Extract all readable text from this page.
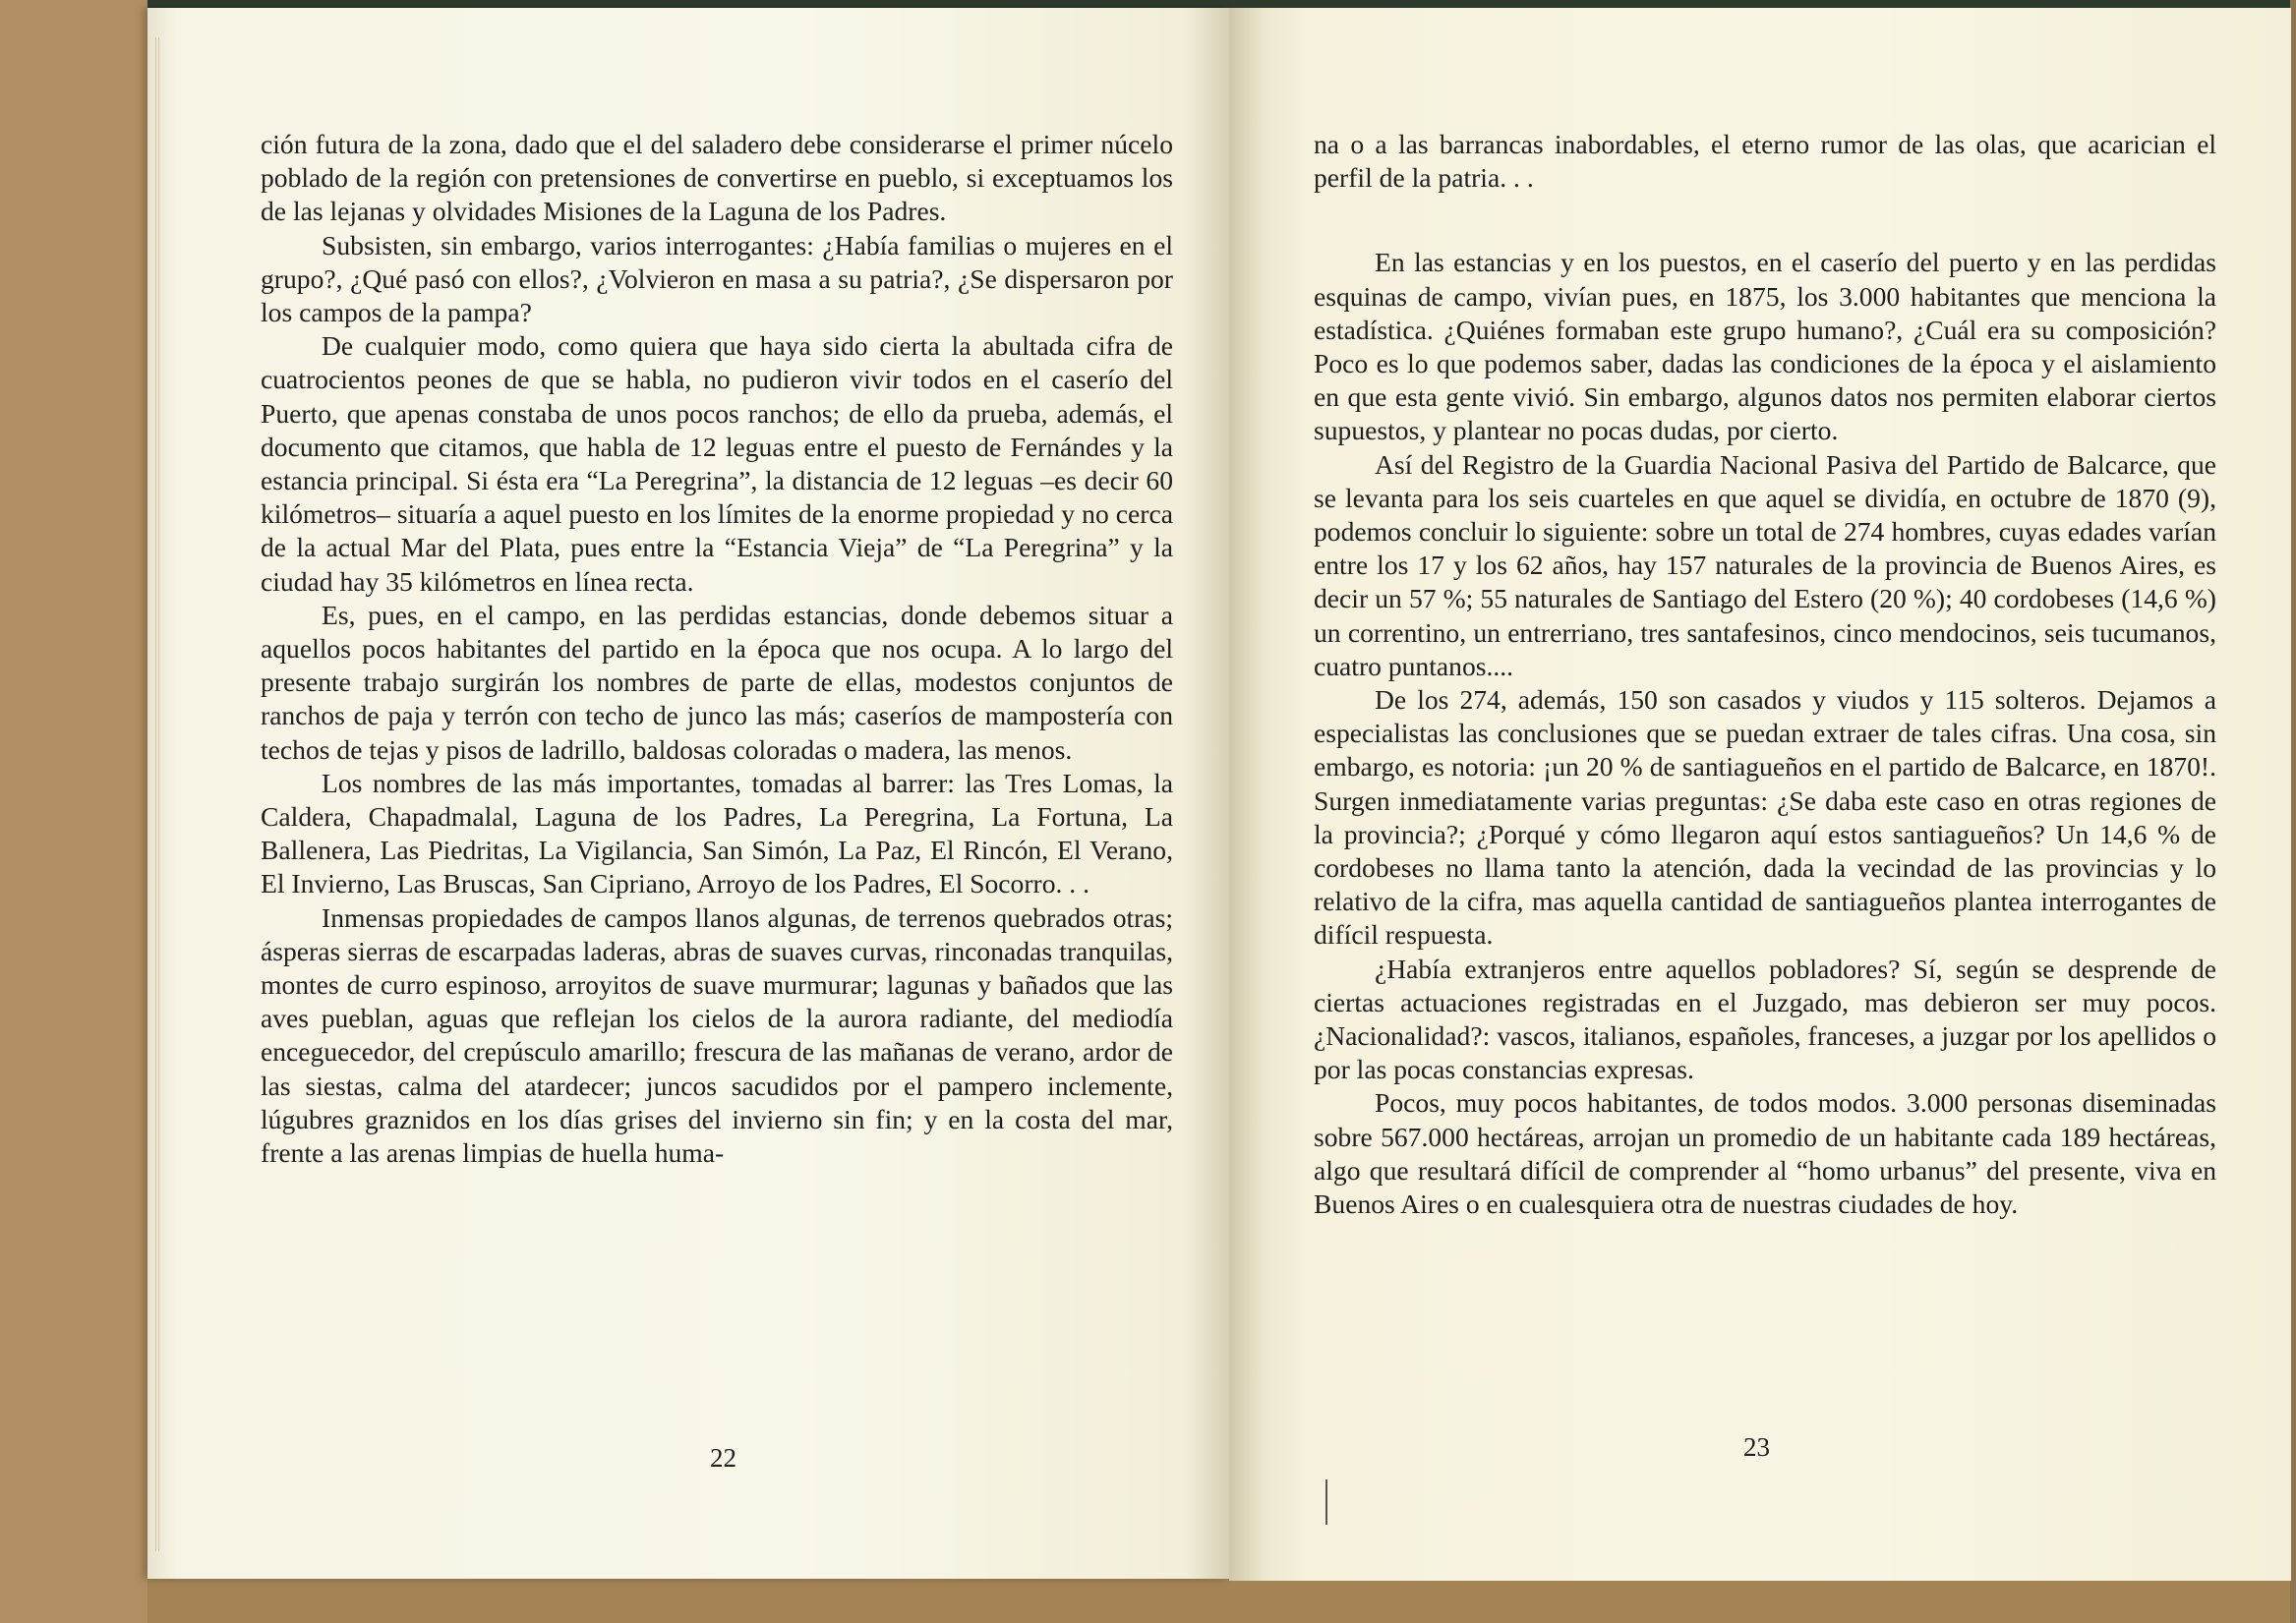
ción futura de la zona, dado que el del saladero debe considerarse el primer núcelo poblado de la región con pretensiones de convertirse en pueblo, si exceptuamos los de las lejanas y olvidades Misiones de la Laguna de los Padres.

Subsisten, sin embargo, varios interrogantes: ¿Había familias o mujeres en el grupo?, ¿Qué pasó con ellos?, ¿Volvieron en masa a su patria?, ¿Se dispersaron por los campos de la pampa?

De cualquier modo, como quiera que haya sido cierta la abultada cifra de cuatrocientos peones de que se habla, no pudieron vivir todos en el caserío del Puerto, que apenas constaba de unos pocos ranchos; de ello da prueba, además, el documento que citamos, que habla de 12 leguas entre el puesto de Fernándes y la estancia principal. Si ésta era “La Peregrina”, la distancia de 12 leguas –es decir 60 kilómetros– situaría a aquel puesto en los límites de la enorme propiedad y no cerca de la actual Mar del Plata, pues entre la “Estancia Vieja” de “La Peregrina” y la ciudad hay 35 kilómetros en línea recta.

Es, pues, en el campo, en las perdidas estancias, donde debemos situar a aquellos pocos habitantes del partido en la época que nos ocupa. A lo largo del presente trabajo surgirán los nombres de parte de ellas, modestos conjuntos de ranchos de paja y terrón con techo de junco las más; caseríos de mampostería con techos de tejas y pisos de ladrillo, baldosas coloradas o madera, las menos.

Los nombres de las más importantes, tomadas al barrer: las Tres Lomas, la Caldera, Chapadmalal, Laguna de los Padres, La Peregrina, La Fortuna, La Ballenera, Las Piedritas, La Vigilancia, San Simón, La Paz, El Rincón, El Verano, El Invierno, Las Bruscas, San Cipriano, Arroyo de los Padres, El Socorro. . .

Inmensas propiedades de campos llanos algunas, de terrenos quebrados otras; ásperas sierras de escarpadas laderas, abras de suaves curvas, rinconadas tranquilas, montes de curro espinoso, arroyitos de suave murmurar; lagunas y bañados que las aves pueblan, aguas que reflejan los cielos de la aurora radiante, del mediodía enceguecedor, del crepúsculo amarillo; frescura de las mañanas de verano, ardor de las siestas, calma del atardecer; juncos sacudidos por el pampero inclemente, lúgubres graznidos en los días grises del invierno sin fin; y en la costa del mar, frente a las arenas limpias de huella huma-

22

na o a las barrancas inabordables, el eterno rumor de las olas, que acarician el perfil de la patria. . .

En las estancias y en los puestos, en el caserío del puerto y en las perdidas esquinas de campo, vivían pues, en 1875, los 3.000 habitantes que menciona la estadística. ¿Quiénes formaban este grupo humano?, ¿Cuál era su composición? Poco es lo que podemos saber, dadas las condiciones de la época y el aislamiento en que esta gente vivió. Sin embargo, algunos datos nos permiten elaborar ciertos supuestos, y plantear no pocas dudas, por cierto.

Así del Registro de la Guardia Nacional Pasiva del Partido de Balcarce, que se levanta para los seis cuarteles en que aquel se dividía, en octubre de 1870 (9), podemos concluir lo siguiente: sobre un total de 274 hombres, cuyas edades varían entre los 17 y los 62 años, hay 157 naturales de la provincia de Buenos Aires, es decir un 57 %; 55 naturales de Santiago del Estero (20 %); 40 cordobeses (14,6 %) un correntino, un entrerriano, tres santafesinos, cinco mendocinos, seis tucumanos, cuatro puntanos....

De los 274, además, 150 son casados y viudos y 115 solteros. Dejamos a especialistas las conclusiones que se puedan extraer de tales cifras. Una cosa, sin embargo, es notoria: ¡un 20 % de santiagueños en el partido de Balcarce, en 1870!. Surgen inmediatamente varias preguntas: ¿Se daba este caso en otras regiones de la provincia?; ¿Porqué y cómo llegaron aquí estos santiagueños? Un 14,6 % de cordobeses no llama tanto la atención, dada la vecindad de las provincias y lo relativo de la cifra, mas aquella cantidad de santiagueños plantea interrogantes de difícil respuesta.

¿Había extranjeros entre aquellos pobladores? Sí, según se desprende de ciertas actuaciones registradas en el Juzgado, mas debieron ser muy pocos. ¿Nacionalidad?: vascos, italianos, españoles, franceses, a juzgar por los apellidos o por las pocas constancias expresas.

Pocos, muy pocos habitantes, de todos modos. 3.000 personas diseminadas sobre 567.000 hectáreas, arrojan un promedio de un habitante cada 189 hectáreas, algo que resultará difícil de comprender al “homo urbanus” del presente, viva en Buenos Aires o en cualesquiera otra de nuestras ciudades de hoy.

23
